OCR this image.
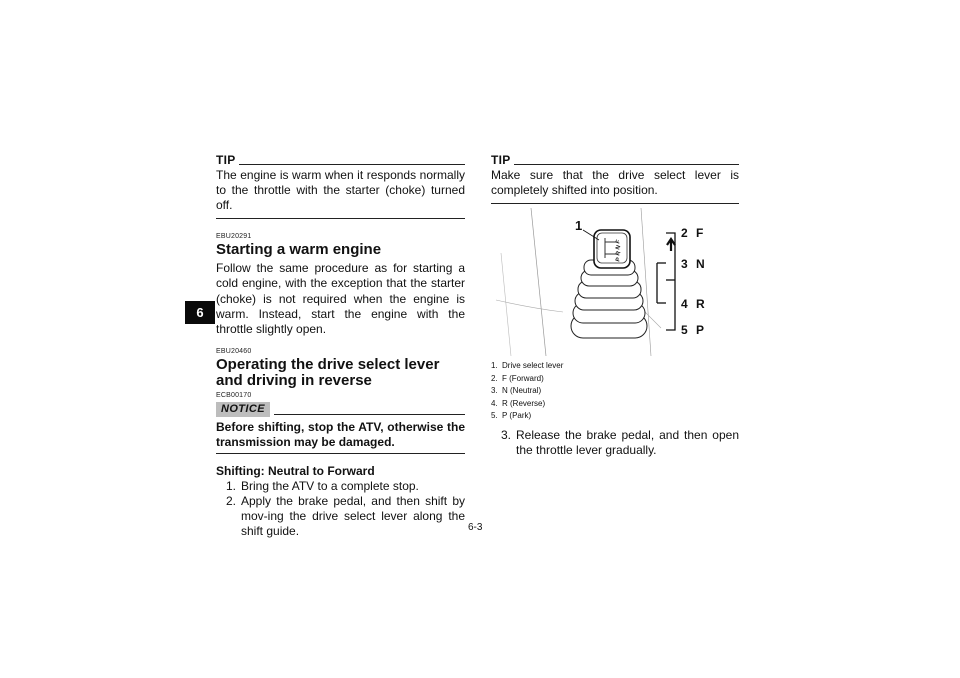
6
TIP
The engine is warm when it responds normally to the throttle with the starter (choke) turned off.
EBU20291
Starting a warm engine
Follow the same procedure as for starting a cold engine, with the exception that the starter (choke) is not required when the engine is warm. Instead, start the engine with the throttle slightly open.
EBU20460
Operating the drive select lever and driving in reverse
ECB00170
NOTICE
Before shifting, stop the ATV, otherwise the transmission may be damaged.
Shifting: Neutral to Forward
1. Bring the ATV to a complete stop.
2. Apply the brake pedal, and then shift by mov-ing the drive select lever along the shift guide.
TIP
Make sure that the drive select lever is completely shifted into position.
F
N
R
P
1	2 F
3 N
4 R
5 P
1. Drive select lever
2. F (Forward)
3. N (Neutral)
4. R (Reverse)
5. P (Park)
3. Release the brake pedal, and then open the throttle lever gradually.
6-3
